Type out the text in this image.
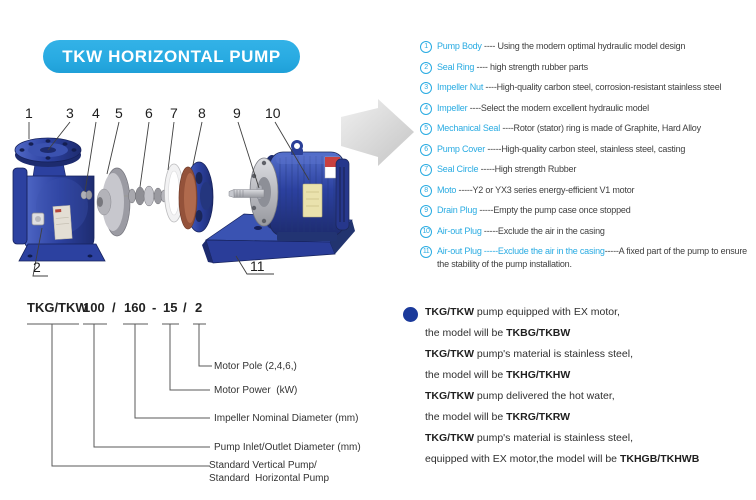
TKW HORIZONTAL PUMP
1
2
3 4 5 6 7 8 9 10
11
1	Pump Body ---- Using the modern optimal hydraulic model design
2	Seal Ring ---- high strength rubber parts
3	Impeller Nut ----High-quality carbon steel, corrosion-resistant stainless steel
4	Impeller ----Select the modern excellent hydraulic model
5	Mechanical Seal ----Rotor (stator) ring is made of Graphite, Hard Alloy
6	Pump Cover -----High-quality carbon steel, stainless steel, casting
7	Seal Circle -----High strength Rubber
8	Moto -----Y2 or YX3 series energy-efficient V1 motor
9	Drain Plug -----Empty the pump case once stopped
10 Air-out Plug -----Exclude the air in the casing
11 Air-out Plug -----Exclude the air in the casing-----A fixed part of the pump to ensure the stability of the pump installation.
TKG/TKW
100 / 160 - 15 / 2
Motor Pole (2,4,6,)
Motor Power  (kW)
Impeller Nominal Diameter (mm)
Pump Inlet/Outlet Diameter (mm)
Standard Vertical Pump/
Standard  Horizontal Pump

TKG/TKW pump equipped with EX motor,
the model will be TKBG/TKBW

TKG/TKW pump's material is stainless steel,
the model will be TKHG/TKHW

TKG/TKW pump delivered the hot water,
the model will be TKRG/TKRW

TKG/TKW pump's material is stainless steel,
equipped with EX motor,the model will be TKHGB/TKHWB
